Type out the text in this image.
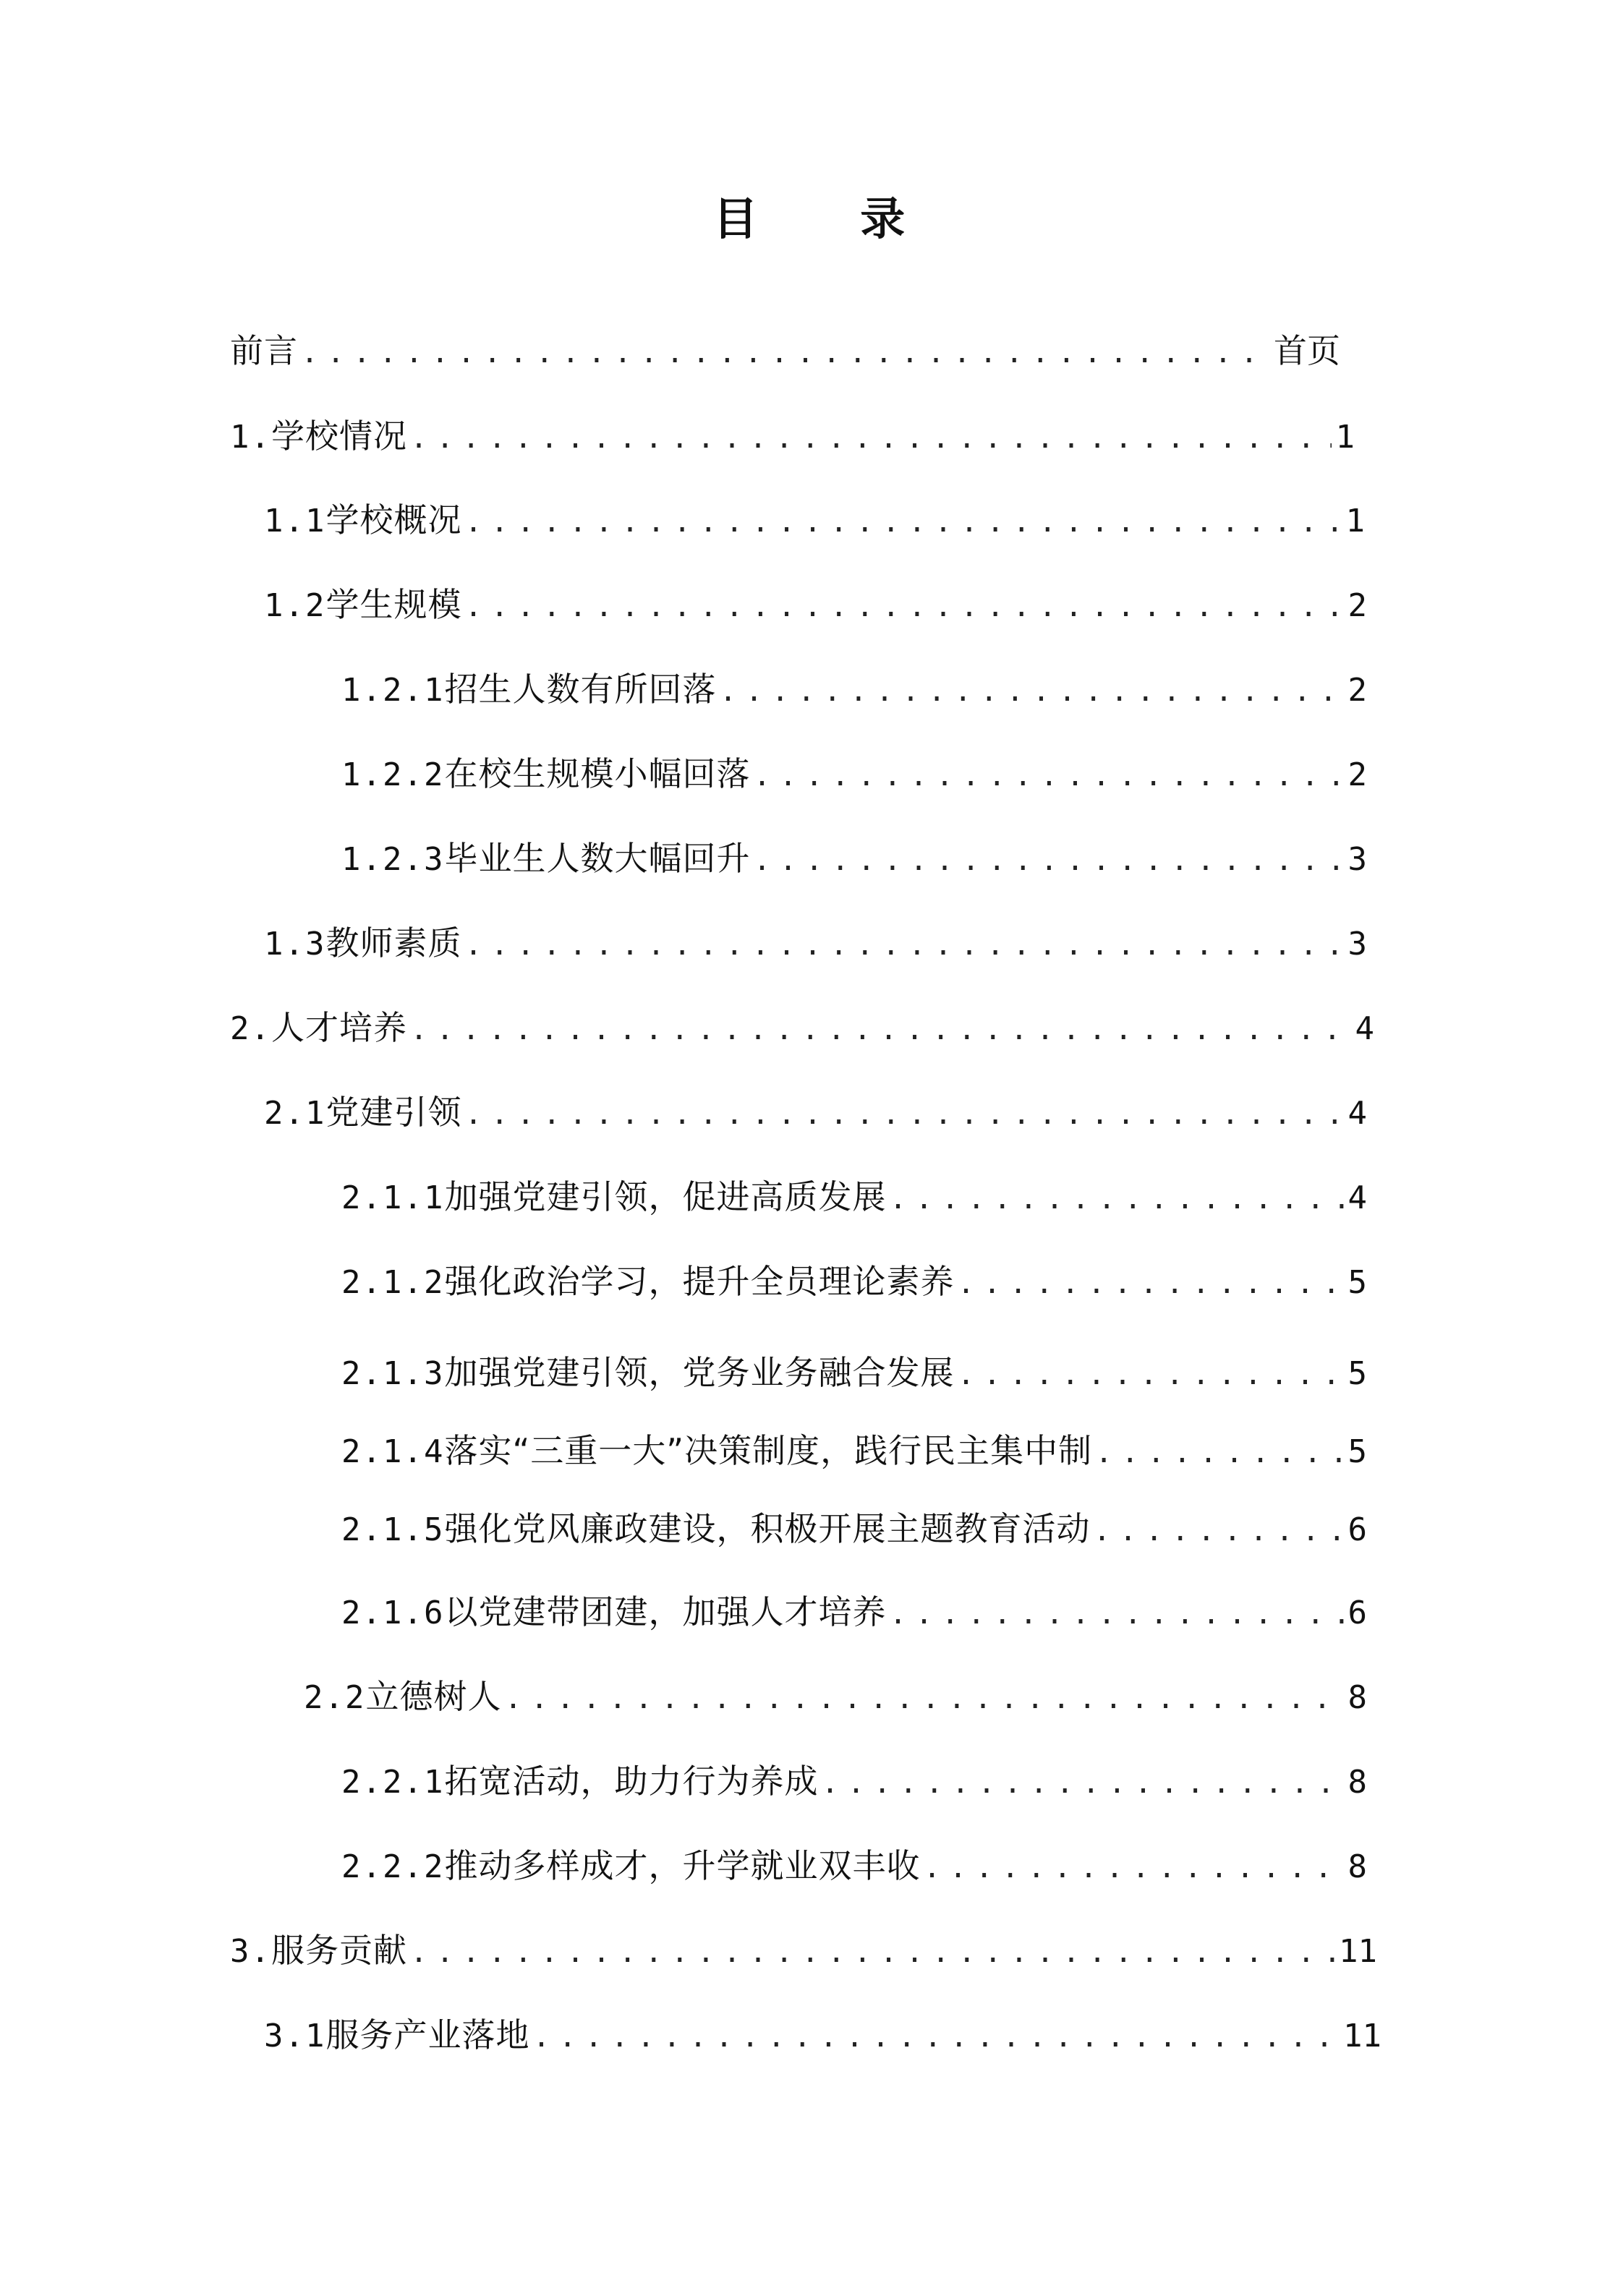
目 录
前言 .....	首页
1. 学校情况 .....	1
1.1 学校概况 .....	1
1.2 学生规模 .....	2
1.2.1 招生人数有所回落 .....	2
1.2.2 在校生规模小幅回落 .....	2
1.2.3 毕业生人数大幅回升 .....	3
1.3 教师素质 .....	3
2. 人才培养 .....	4
2.1 党建引领 .....	4
2.1.1 加强党建引领，促进高质发展 .....	4
2.1.2 强化政治学习，提升全员理论素养 .....	5
2.1.3 加强党建引领，党务业务融合发展 .....	5
2.1.4 落实“三重一大”决策制度，践行民主集中制 .....	5
2.1.5 强化党风廉政建设，积极开展主题教育活动 .....	6
2.1.6 以党建带团建，加强人才培养 .....	6
2.2 立德树人 .....	8
2.2.1 拓宽活动，助力行为养成 .....	8
2.2.2 推动多样成才，升学就业双丰收 .....	8
3. 服务贡献 .....	11
3.1 服务产业落地 .....	11
